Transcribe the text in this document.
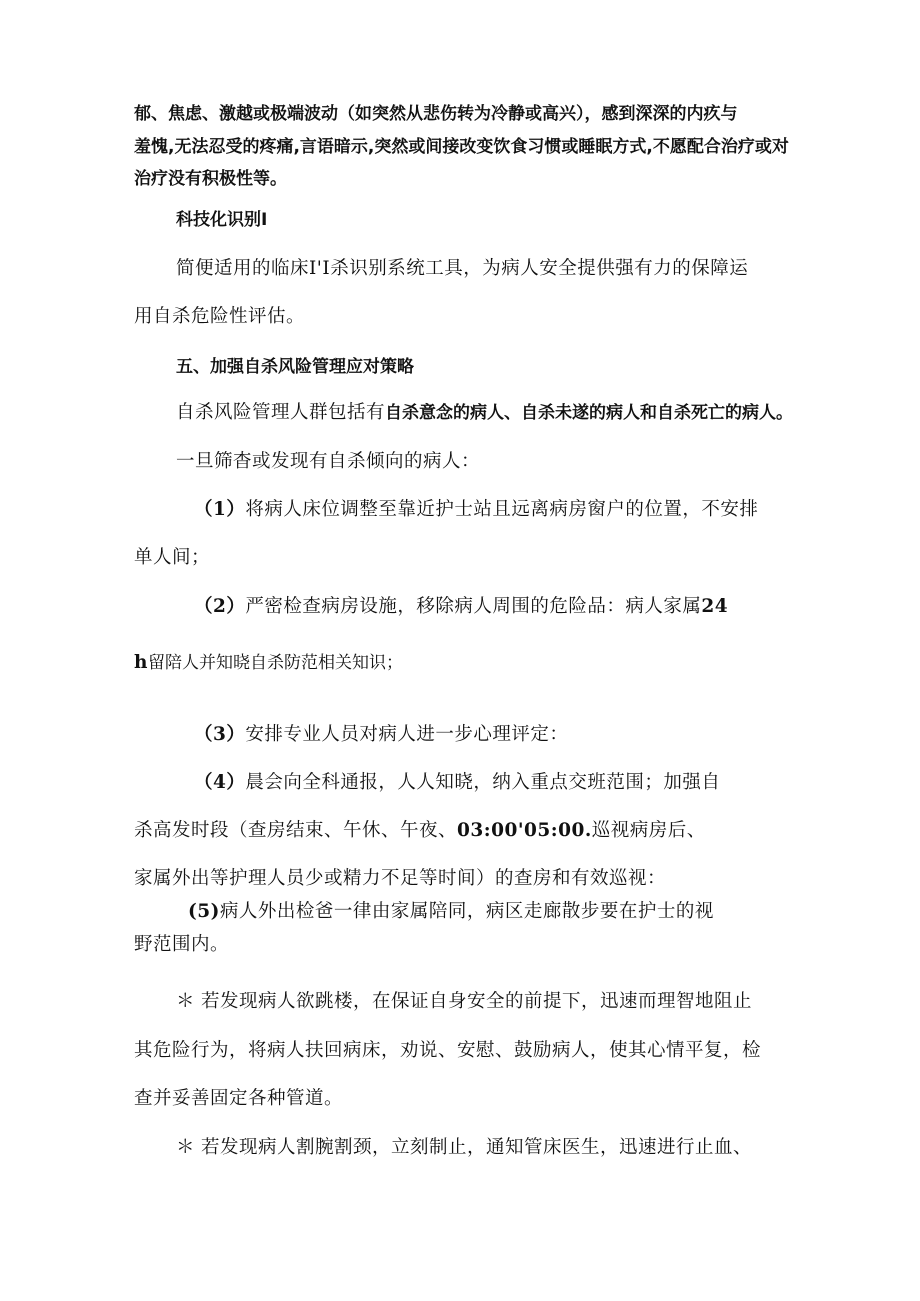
郁、焦虑、激越或极端波动（如突然从悲伤转为冷静或高兴），感到深深的内疚与
羞愧,无法忍受的疼痛,言语暗示,突然或间接改变饮食习惯或睡眠方式,不愿配合治疗或对
治疗没有积极性等。
科技化识别I
简便适用的临床I'I杀识别系统工具，为病人安全提供强有力的保障运
用自杀危险性评估。
五、加强自杀风险管理应对策略
自杀风险管理人群包括有自杀意念的病人、自杀未遂的病人和自杀死亡的病人。
一旦筛杳或发现有自杀倾向的病人：
（1）将病人床位调整至靠近护士站且远离病房窗户的位置，不安排
单人间；
（2）严密检查病房设施，移除病人周围的危险品：病人家属24
h留陪人并知晓自杀防范相关知识；
（3）安排专业人员对病人进一步心理评定：
（4）晨会向全科通报，人人知晓，纳入重点交班范围；加强自
杀高发时段（查房结束、午休、午夜、03:00'05:00.巡视病房后、
家属外出等护理人员少或精力不足等时间）的查房和有效巡视：
(5)病人外出检爸一律由家属陪同，病区走廊散步要在护士的视
野范围内。
＊ 若发现病人欲跳楼，在保证自身安全的前提下，迅速而理智地阻止
其危险行为，将病人扶回病床，劝说、安慰、鼓励病人，使其心情平复，检
查并妥善固定各种管道。
＊ 若发现病人割腕割颈，立刻制止，通知管床医生，迅速进行止血、
